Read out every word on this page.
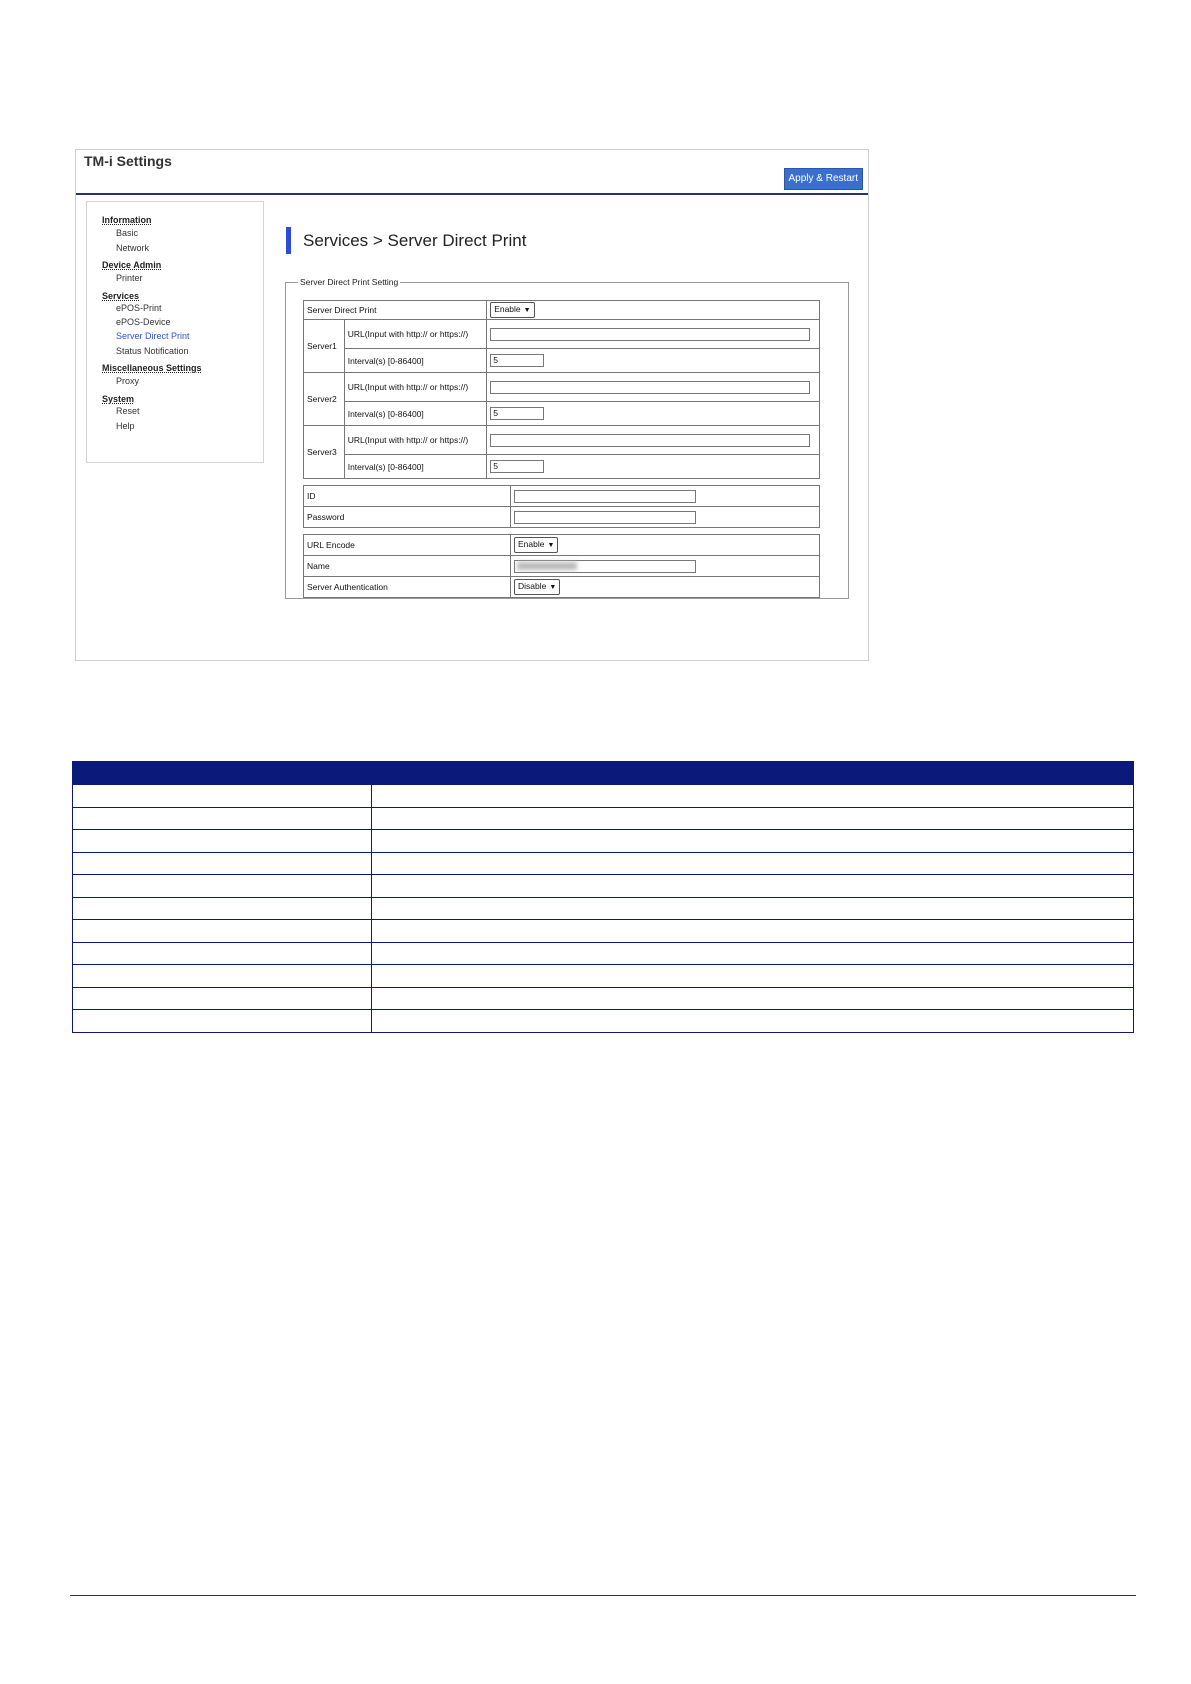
TM-i Settings
Apply & Restart
Information
Basic
Network
Device Admin
Printer
Services
ePOS-Print
ePOS-Device
Server Direct Print
Status Notification
Miscellaneous Settings
Proxy
System
Reset
Help
Services > Server Direct Print
Server Direct Print Setting
Server Direct Print		Enable ▼
Server1	URL(Input with http:// or https://)	
	Interval(s) [0-86400]	5
Server2	URL(Input with http:// or https://)	
	Interval(s) [0-86400]	5
Server3	URL(Input with http:// or https://)	
	Interval(s) [0-86400]	5
ID	
Password	
URL Encode	Enable ▼
Name	
Server Authentication	Disable ▼
